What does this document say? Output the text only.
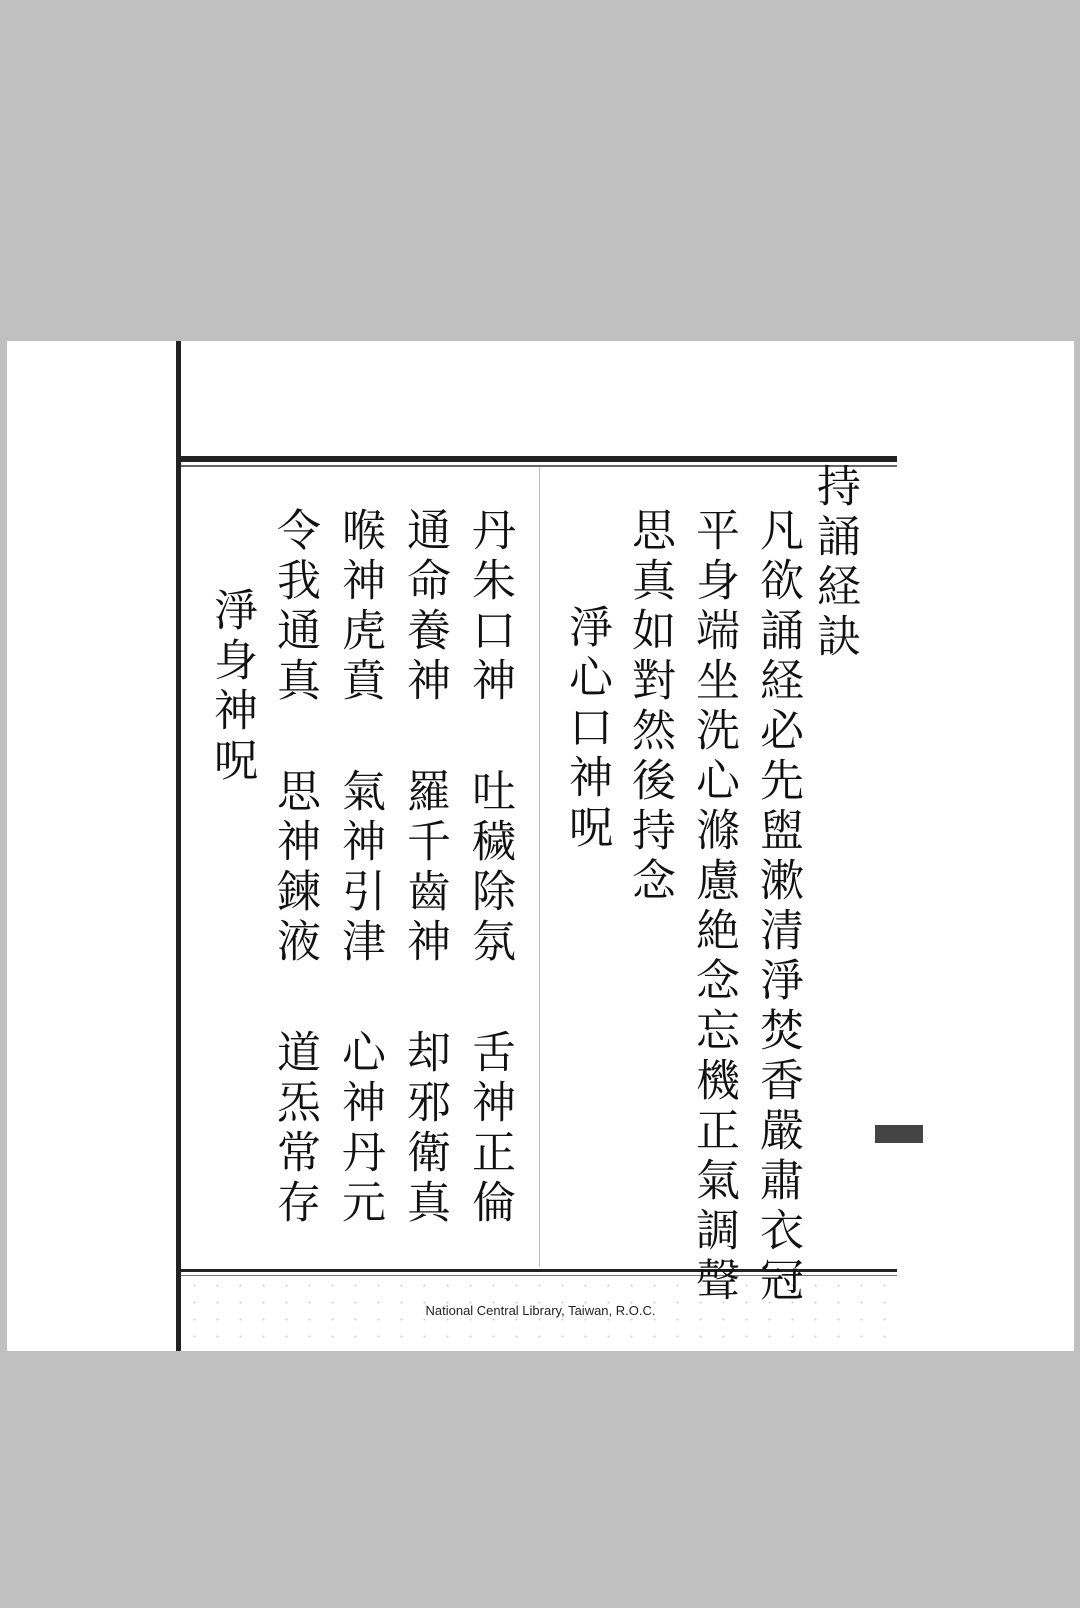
持誦経訣
凡欲誦経必先盥漱清淨焚香嚴肅衣冠
平身端坐洗心滌慮絶念忘機正氣調聲
思真如對然後持念
淨心口神呪
丹朱口神
通命養神
喉神虎賁
令我通真
吐穢除氛
羅千齒神
氣神引津
思神鍊液
舌神正倫
却邪衛真
心神丹元
道炁常存
淨身神呪
National Central Library, Taiwan, R.O.C.
